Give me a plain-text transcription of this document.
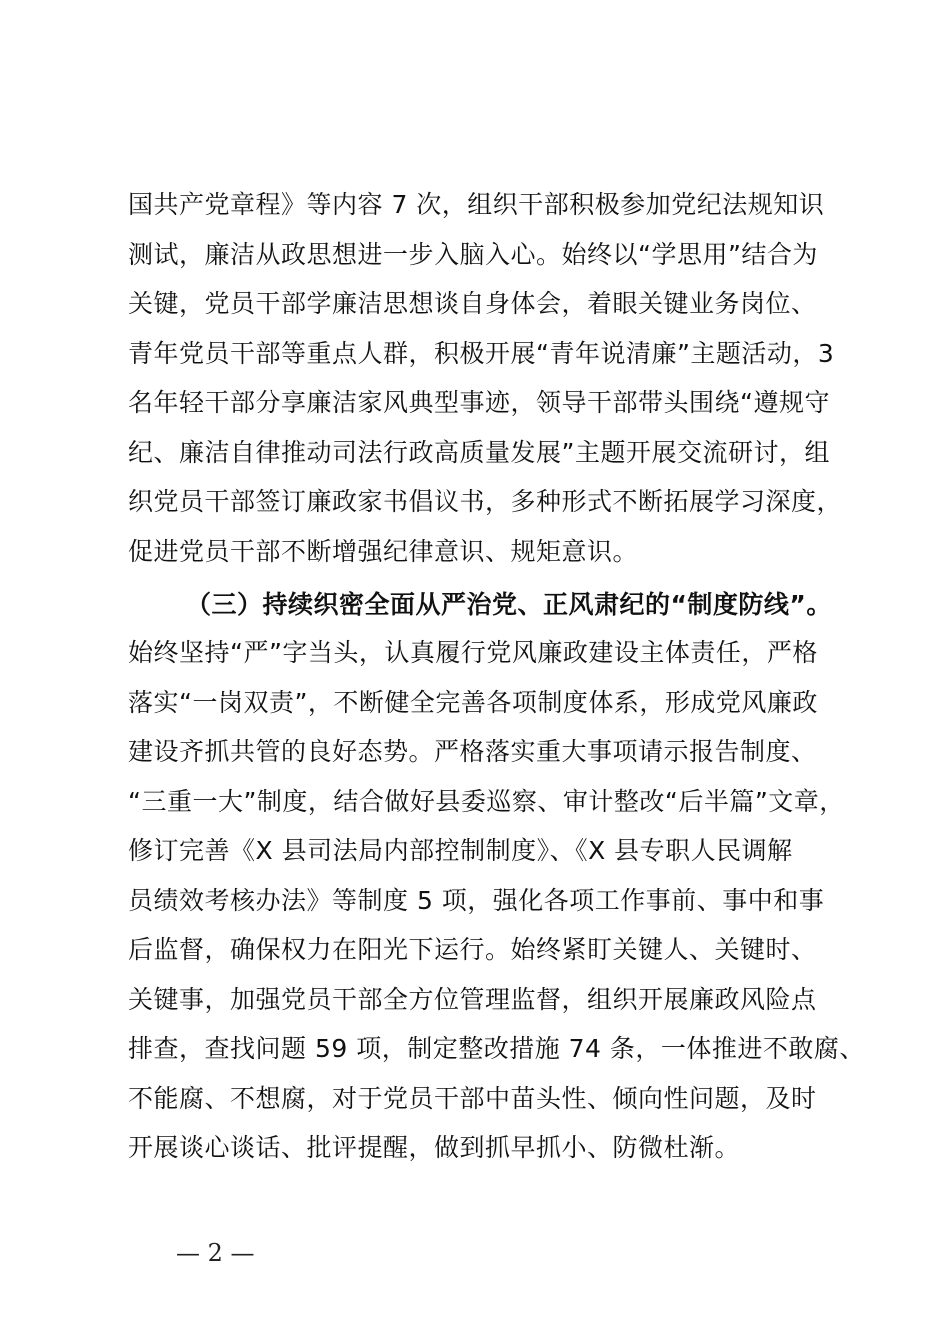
国共产党章程》等内容 7 次，组织干部积极参加党纪法规知识
测试，廉洁从政思想进一步入脑入心。始终以“学思用”结合为
关键，党员干部学廉洁思想谈自身体会，着眼关键业务岗位、
青年党员干部等重点人群，积极开展“青年说清廉”主题活动，3
名年轻干部分享廉洁家风典型事迹，领导干部带头围绕“遵规守
纪、廉洁自律推动司法行政高质量发展”主题开展交流研讨，组
织党员干部签订廉政家书倡议书，多种形式不断拓展学习深度，
促进党员干部不断增强纪律意识、规矩意识。
（三）持续织密全面从严治党、正风肃纪的“制度防线”。
始终坚持“严”字当头，认真履行党风廉政建设主体责任，严格
落实“一岗双责”，不断健全完善各项制度体系，形成党风廉政
建设齐抓共管的良好态势。严格落实重大事项请示报告制度、
“三重一大”制度，结合做好县委巡察、审计整改“后半篇”文章，
修订完善《X 县司法局内部控制制度》、《X 县专职人民调解
员绩效考核办法》等制度 5 项，强化各项工作事前、事中和事
后监督，确保权力在阳光下运行。始终紧盯关键人、关键时、
关键事，加强党员干部全方位管理监督，组织开展廉政风险点
排查，查找问题 59 项，制定整改措施 74 条，一体推进不敢腐、
不能腐、不想腐，对于党员干部中苗头性、倾向性问题，及时
开展谈心谈话、批评提醒，做到抓早抓小、防微杜渐。
— 2 —
